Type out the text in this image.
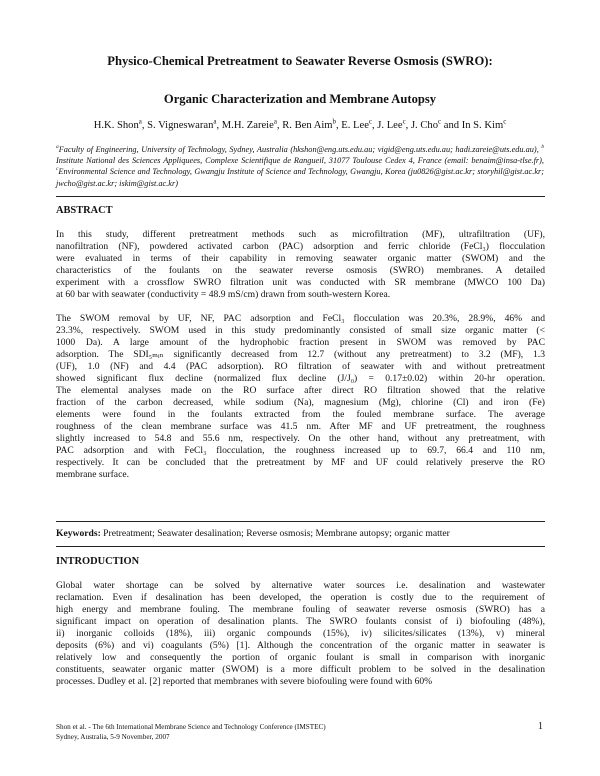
Physico-Chemical Pretreatment to Seawater Reverse Osmosis (SWRO):
Organic Characterization and Membrane Autopsy
H.K. Shon$^a$, S. Vigneswaran$^a$, M.H. Zareie$^a$, R. Ben Aim$^b$, E. Lee$^c$, J. Lee$^c$, J. Cho$^c$ and In S. Kim$^c$
$^a$Faculty of Engineering, University of Technology, Sydney, Australia (hkshon@eng.uts.edu.au; vigid@eng.uts.edu.au; hadi.zareie@uts.edu.au), $^b$ Institute National des Sciences Appliquees, Complexe Scientifique de Rangueil, 31077 Toulouse Cedex 4, France (email: benaim@insa-tlse.fr), $^c$Environmental Science and Technology, Gwangju Institute of Science and Technology, Gwangju, Korea (ju0826@gist.ac.kr; storyhil@gist.ac.kr; jwcho@gist.ac.kr; iskim@gist.ac.kr)
ABSTRACT
In this study, different pretreatment methods such as microfiltration (MF), ultrafiltration (UF),
nanofiltration (NF), powdered activated carbon (PAC) adsorption and ferric chloride (FeCl₃) flocculation
were evaluated in terms of their capability in removing seawater organic matter (SWOM) and the
characteristics of the foulants on the seawater reverse osmosis (SWRO) membranes. A detailed
experiment with a crossflow SWRO filtration unit was conducted with SR membrane (MWCO 100 Da)
at 60 bar with seawater (conductivity = 48.9 mS/cm) drawn from south-western Korea.
The SWOM removal by UF, NF, PAC adsorption and FeCl₃ flocculation was 20.3%, 28.9%, 46% and
23.3%, respectively. SWOM used in this study predominantly consisted of small size organic matter (<
1000 Da). A large amount of the hydrophobic fraction present in SWOM was removed by PAC
adsorption. The SDI₅ₘᵢₙ significantly decreased from 12.7 (without any pretreatment) to 3.2 (MF), 1.3
(UF), 1.0 (NF) and 4.4 (PAC adsorption). RO filtration of seawater with and without pretreatment
showed significant flux decline (normalized flux decline (J/J₀) = 0.17±0.02) within 20-hr operation.
The elemental analyses made on the RO surface after direct RO filtration showed that the relative
fraction of the carbon decreased, while sodium (Na), magnesium (Mg), chlorine (Cl) and iron (Fe)
elements were found in the foulants extracted from the fouled membrane surface. The average
roughness of the clean membrane surface was 41.5 nm. After MF and UF pretreatment, the roughness
slightly increased to 54.8 and 55.6 nm, respectively. On the other hand, without any pretreatment, with
PAC adsorption and with FeCl₃ flocculation, the roughness increased up to 69.7, 66.4 and 110 nm,
respectively. It can be concluded that the pretreatment by MF and UF could relatively preserve the RO
membrane surface.
Keywords: Pretreatment; Seawater desalination; Reverse osmosis; Membrane autopsy; organic matter
INTRODUCTION
Global water shortage can be solved by alternative water sources i.e. desalination and wastewater
reclamation. Even if desalination has been developed, the operation is costly due to the requirement of
high energy and membrane fouling. The membrane fouling of seawater reverse osmosis (SWRO) has a
significant impact on operation of desalination plants. The SWRO foulants consist of i) biofouling (48%),
ii) inorganic colloids (18%), iii) organic compounds (15%), iv) silicites/silicates (13%), v) mineral
deposits (6%) and vi) coagulants (5%) [1]. Although the concentration of the organic matter in seawater is
relatively low and consequently the portion of organic foulant is small in comparison with inorganic
constituents, seawater organic matter (SWOM) is a more difficult problem to be solved in the desalination
processes. Dudley et al. [2] reported that membranes with severe biofouling were found with 60%
Shon et al. - The 6th International Membrane Science and Technology Conference (IMSTEC)
Sydney, Australia, 5-9 November, 2007
1
